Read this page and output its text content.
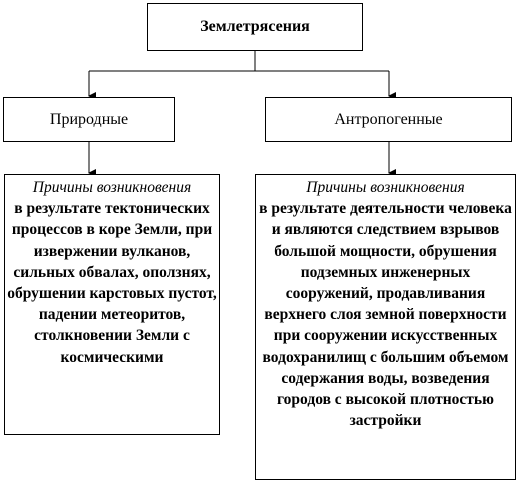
Землетрясения
Природные	Антропогенные
Причины возникновения
в результате тектонических процессов в коре Земли, при извержении вулканов, сильных обвалах, оползнях, обрушении карстовых пустот, падении метеоритов, столкновении Земли с космическими
Причины возникновения
в результате деятельности человека и являются следствием взрывов большой мощности, обрушения подземных инженерных сооружений, продавливания верхнего слоя земной поверхности при сооружении искусственных водохранилищ с большим объемом содержания воды, возведения городов с высокой плотностью застройки
